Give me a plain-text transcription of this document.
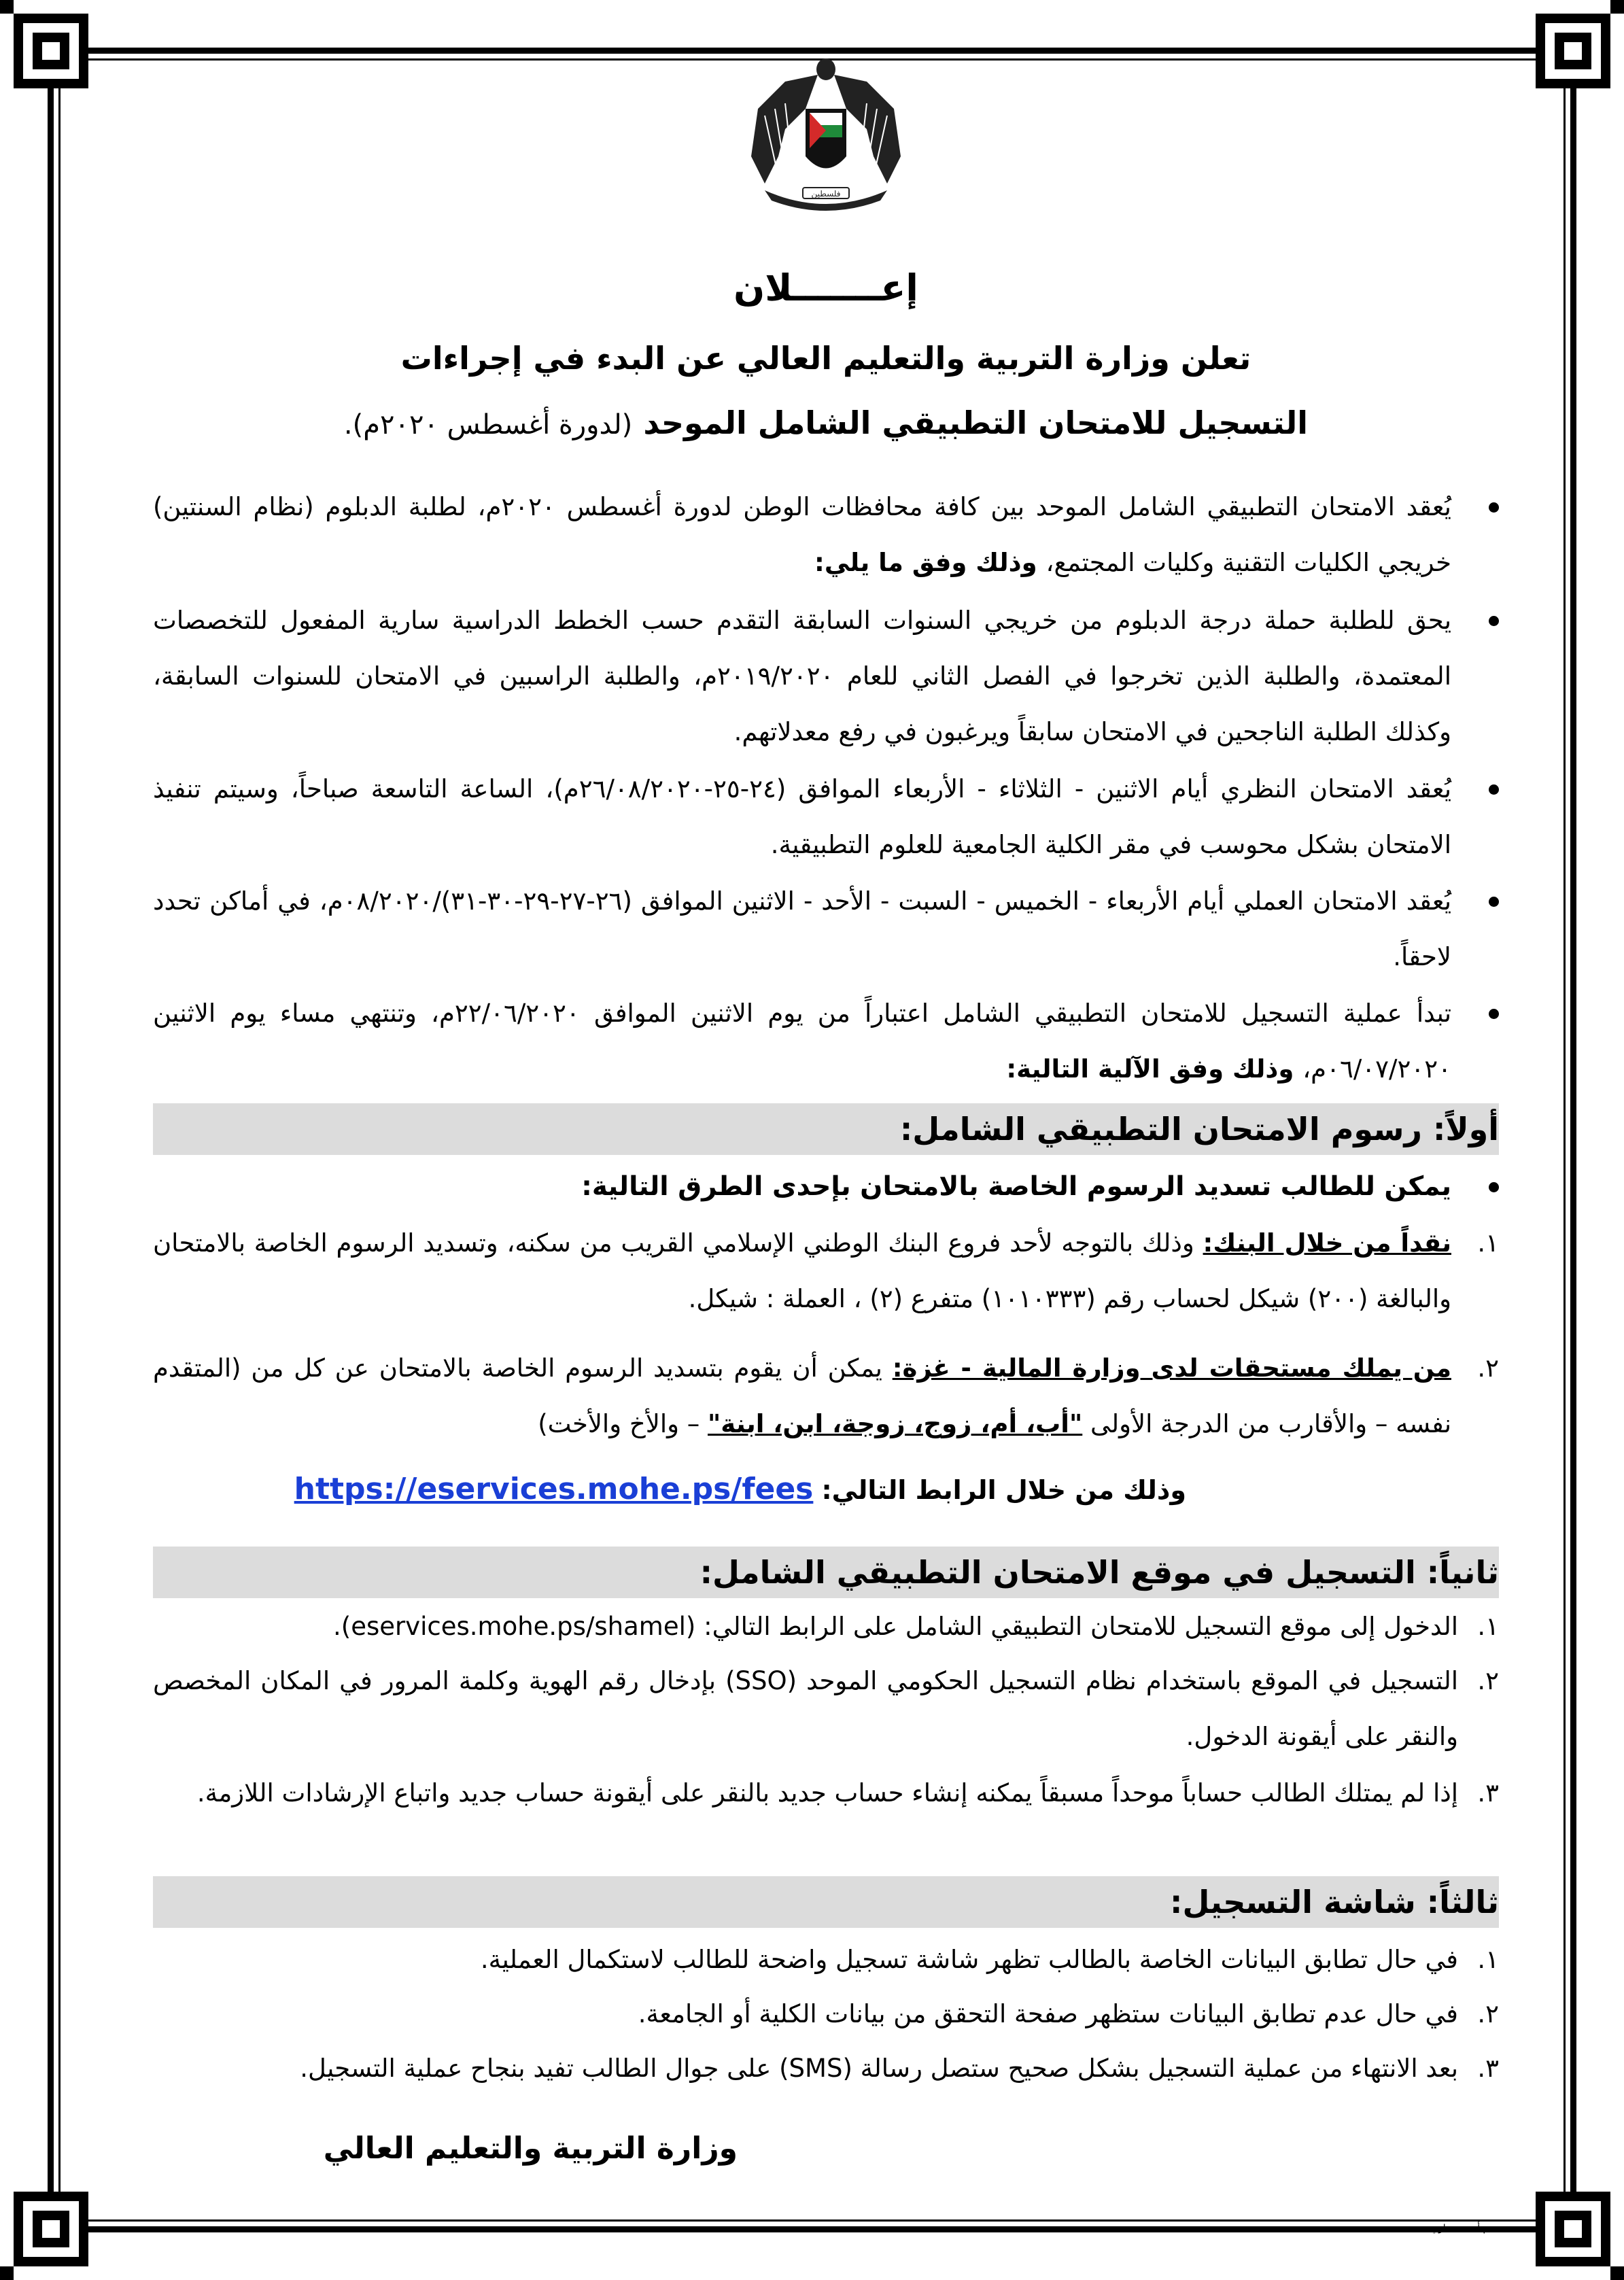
فلسطين
إعـــــــلان
تعلن وزارة التربية والتعليم العالي عن البدء في إجراءات
التسجيل للامتحان التطبيقي الشامل الموحد (لدورة أغسطس ٢٠٢٠م).
يُعقد الامتحان التطبيقي الشامل الموحد بين كافة محافظات الوطن لدورة أغسطس ٢٠٢٠م، لطلبة الدبلوم (نظام السنتين) خريجي الكليات التقنية وكليات المجتمع، وذلك وفق ما يلي:
يحق للطلبة حملة درجة الدبلوم من خريجي السنوات السابقة التقدم حسب الخطط الدراسية سارية المفعول للتخصصات المعتمدة، والطلبة الذين تخرجوا في الفصل الثاني للعام ٢٠١٩/٢٠٢٠م، والطلبة الراسبين في الامتحان للسنوات السابقة، وكذلك الطلبة الناجحين في الامتحان سابقاً ويرغبون في رفع معدلاتهم.
يُعقد الامتحان النظري أيام الاثنين - الثلاثاء - الأربعاء الموافق (٢٤-٢٥-٢٦/٠٨/٢٠٢٠م)، الساعة التاسعة صباحاً، وسيتم تنفيذ الامتحان بشكل محوسب في مقر الكلية الجامعية للعلوم التطبيقية.
يُعقد الامتحان العملي أيام الأربعاء - الخميس - السبت - الأحد - الاثنين الموافق (٢٦-٢٧-٢٩-٣٠-٣١)/٠٨/٢٠٢٠م، في أماكن تحدد لاحقاً.
تبدأ عملية التسجيل للامتحان التطبيقي الشامل اعتباراً من يوم الاثنين الموافق ٢٢/٠٦/٢٠٢٠م، وتنتهي مساء يوم الاثنين ٠٦/٠٧/٢٠٢٠م، وذلك وفق الآلية التالية:
أولاً: رسوم الامتحان التطبيقي الشامل:
يمكن للطالب تسديد الرسوم الخاصة بالامتحان بإحدى الطرق التالية:
١.
نقداً من خلال البنك: وذلك بالتوجه لأحد فروع البنك الوطني الإسلامي القريب من سكنه، وتسديد الرسوم الخاصة بالامتحان والبالغة (٢٠٠) شيكل لحساب رقم (١٠١٠٣٣٣) متفرع (٢) ، العملة : شيكل.
٢.
من يملك مستحقات لدى وزارة المالية - غزة: يمكن أن يقوم بتسديد الرسوم الخاصة بالامتحان عن كل من (المتقدم نفسه – والأقارب من الدرجة الأولى "أب، أم، زوج، زوجة، ابن، ابنة" – والأخ والأخت)
وذلك من خلال الرابط التالي: https://eservices.mohe.ps/fees
ثانياً: التسجيل في موقع الامتحان التطبيقي الشامل:
١.
الدخول إلى موقع التسجيل للامتحان التطبيقي الشامل على الرابط التالي: (eservices.mohe.ps/shamel).
٢.
التسجيل في الموقع باستخدام نظام التسجيل الحكومي الموحد (SSO) بإدخال رقم الهوية وكلمة المرور في المكان المخصص والنقر على أيقونة الدخول.
٣.
إذا لم يمتلك الطالب حساباً موحداً مسبقاً يمكنه إنشاء حساب جديد بالنقر على أيقونة حساب جديد واتباع الإرشادات اللازمة.
ثالثاً: شاشة التسجيل:
١.
في حال تطابق البيانات الخاصة بالطالب تظهر شاشة تسجيل واضحة للطالب لاستكمال العملية.
٢.
في حال عدم تطابق البيانات ستظهر صفحة التحقق من بيانات الكلية أو الجامعة.
٣.
بعد الانتهاء من عملية التسجيل بشكل صحيح ستصل رسالة (SMS) على جوال الطالب تفيد بنجاح عملية التسجيل.
وزارة التربية والتعليم العالي
م.أحمد حجازي
